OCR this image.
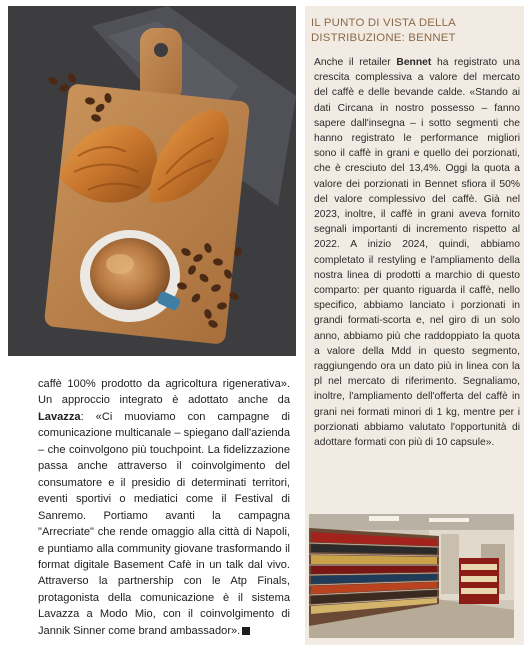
caffè 100% prodotto da agricoltura rigenerativa». Un approccio integrato è adottato anche da Lavazza: «Ci muoviamo con campagne di comunicazione multicanale – spiegano dall'azienda – che coinvolgono più touchpoint. La fidelizzazione passa anche attraverso il coinvolgimento del consumatore e il presidio di determinati territori, eventi sportivi o mediatici come il Festival di Sanremo. Portiamo avanti la campagna "Arrecriate" che rende omaggio alla città di Napoli, e puntiamo alla community giovane trasformando il format digitale Basement Cafè in un talk dal vivo. Attraverso la partnership con le Atp Finals, protagonista della comunicazione è il sistema Lavazza a Modo Mio, con il coinvolgimento di Jannik Sinner come brand ambassador».

IL PUNTO DI VISTA DELLA DISTRIBUZIONE: BENNET

Anche il retailer Bennet ha registrato una crescita complessiva a valore del mercato del caffè e delle bevande calde. «Stando ai dati Circana in nostro possesso – fanno sapere dall'insegna – i sotto segmenti che hanno registrato le performance migliori sono il caffè in grani e quello dei porzionati, che è cresciuto del 13,4%. Oggi la quota a valore dei porzionati in Bennet sfiora il 50% del valore complessivo del caffè. Già nel 2023, inoltre, il caffè in grani aveva fornito segnali importanti di incremento rispetto al 2022. A inizio 2024, quindi, abbiamo completato il restyling e l'ampliamento della nostra linea di prodotti a marchio di questo comparto: per quanto riguarda il caffè, nello specifico, abbiamo lanciato i porzionati in grandi formati-scorta e, nel giro di un solo anno, abbiamo più che raddoppiato la quota a valore della Mdd in questo segmento, raggiungendo ora un dato più in linea con la pl nel mercato di riferimento. Segnaliamo, inoltre, l'ampliamento dell'offerta del caffè in grani nei formati minori di 1 kg, mentre per i porzionati abbiamo valutato l'opportunità di adottare formati con più di 10 capsule».
